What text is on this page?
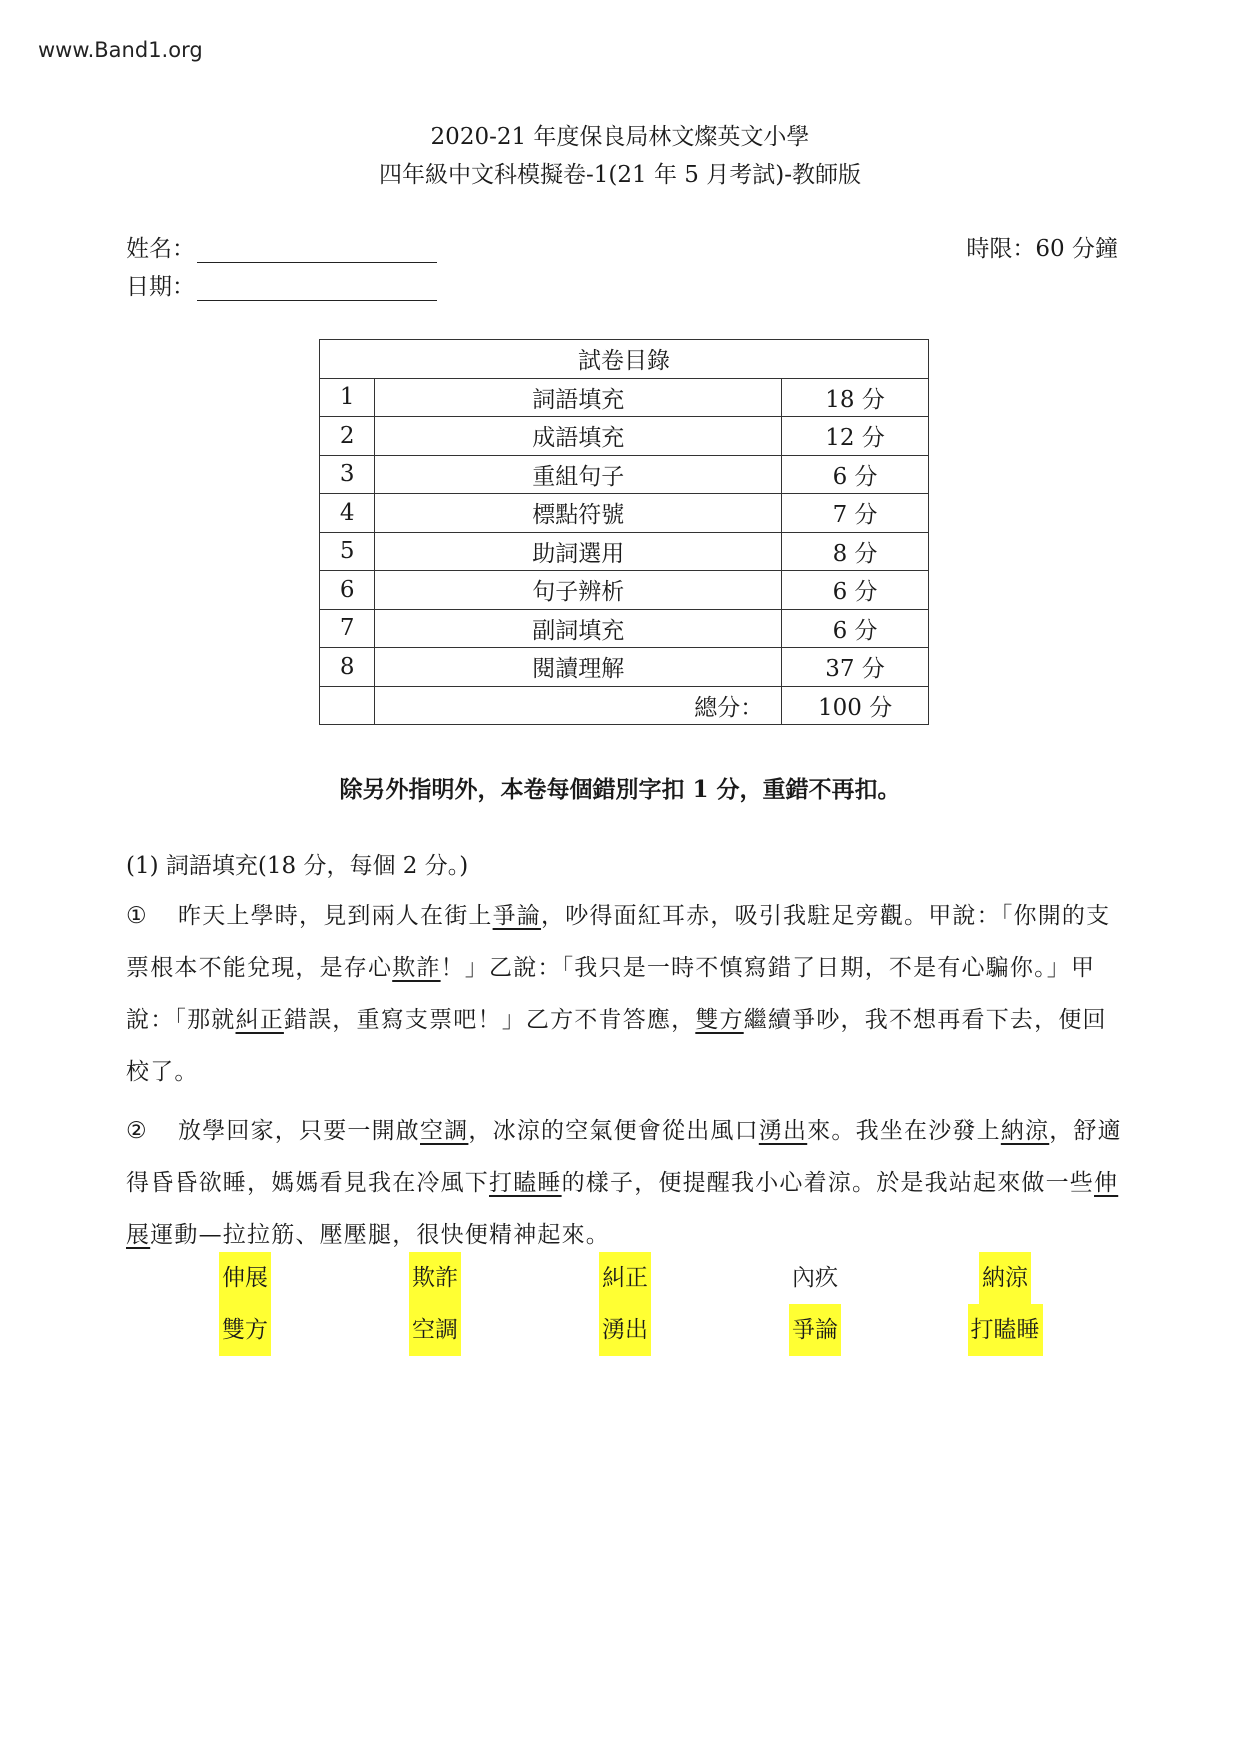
www.Band1.org
2020-21 年度保良局林文燦英文小學
四年級中文科模擬卷-1(21 年 5 月考試)-教師版
姓名：
日期：
時限：60 分鐘
試卷目錄		
1	詞語填充	18 分
2	成語填充	12 分
3	重組句子	6 分
4	標點符號	7 分
5	助詞選用	8 分
6	句子辨析	6 分
7	副詞填充	6 分
8	閱讀理解	37 分
	總分：	100 分
除另外指明外，本卷每個錯別字扣 1 分，重錯不再扣。
(1) 詞語填充(18 分，每個 2 分。)

① 昨天上學時，見到兩人在街上爭論，吵得面紅耳赤，吸引我駐足旁觀。甲說：「你開的支票根本不能兌現，是存心欺詐！」乙說：「我只是一時不慎寫錯了日期，不是有心騙你。」甲說：「那就糾正錯誤，重寫支票吧！」乙方不肯答應，雙方繼續爭吵，我不想再看下去，便回校了。

② 放學回家，只要一開啟空調，冰涼的空氣便會從出風口湧出來。我坐在沙發上納涼，舒適得昏昏欲睡，媽媽看見我在冷風下打瞌睡的樣子，便提醒我小心着涼。於是我站起來做一些伸展運動—拉拉筋、壓壓腿，很快便精神起來。

伸展	欺詐	糾正	內疚	納涼
雙方	空調	湧出	爭論	打瞌睡
